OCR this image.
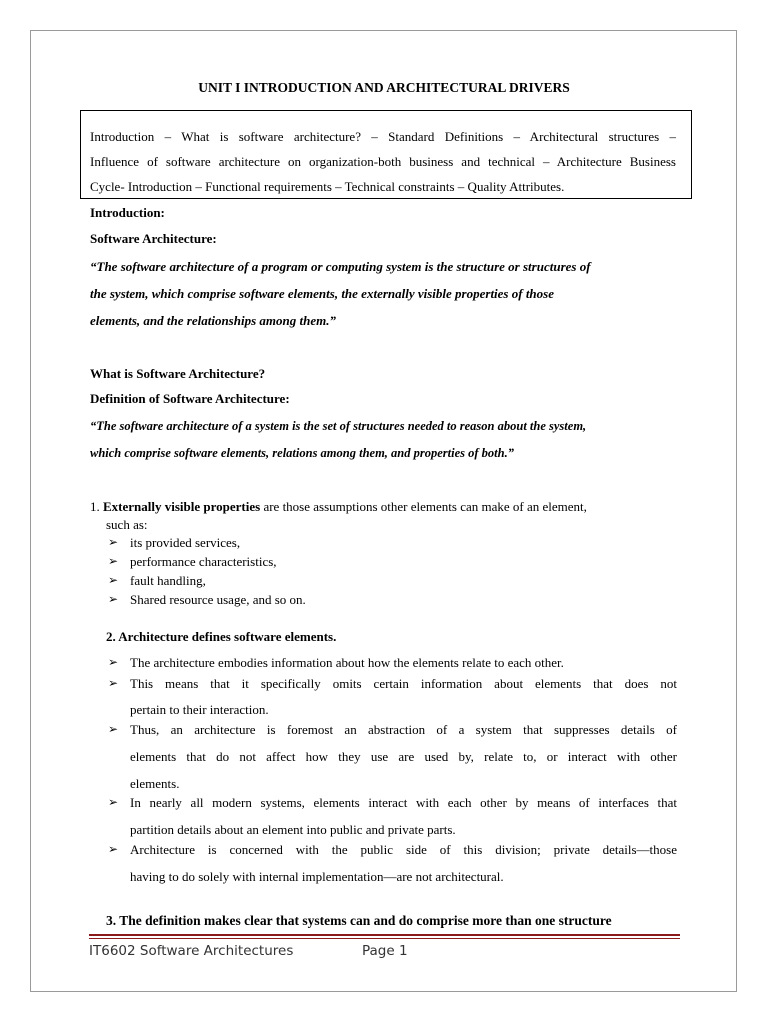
UNIT I INTRODUCTION AND ARCHITECTURAL DRIVERS
Introduction – What is software architecture? – Standard Definitions – Architectural structures –
Influence of software architecture on organization-both business and technical – Architecture Business
Cycle- Introduction – Functional requirements – Technical constraints – Quality Attributes.
Introduction:
Software Architecture:
“The software architecture of a program or computing system is the structure or structures of
the system, which comprise software elements, the externally visible properties of those
elements, and the relationships among them.”
What is Software Architecture?
Definition of Software Architecture:
“The software architecture of a system is the set of structures needed to reason about the system,
which comprise software elements, relations among them, and properties of both.”
1. Externally visible properties are those assumptions other elements can make of an element,
such as:
➢ its provided services,
➢ performance characteristics,
➢ fault handling,
➢ Shared resource usage, and so on.
2. Architecture defines software elements.
➢ The architecture embodies information about how the elements relate to each other.
➢ This means that it specifically omits certain information about elements that does not
pertain to their interaction.
➢ Thus, an architecture is foremost an abstraction of a system that suppresses details of
elements that do not affect how they use are used by, relate to, or interact with other
elements.
➢ In nearly all modern systems, elements interact with each other by means of interfaces that
partition details about an element into public and private parts.
➢ Architecture is concerned with the public side of this division; private details—those
having to do solely with internal implementation—are not architectural.
3. The definition makes clear that systems can and do comprise more than one structure
IT6602 Software Architectures	Page 1
